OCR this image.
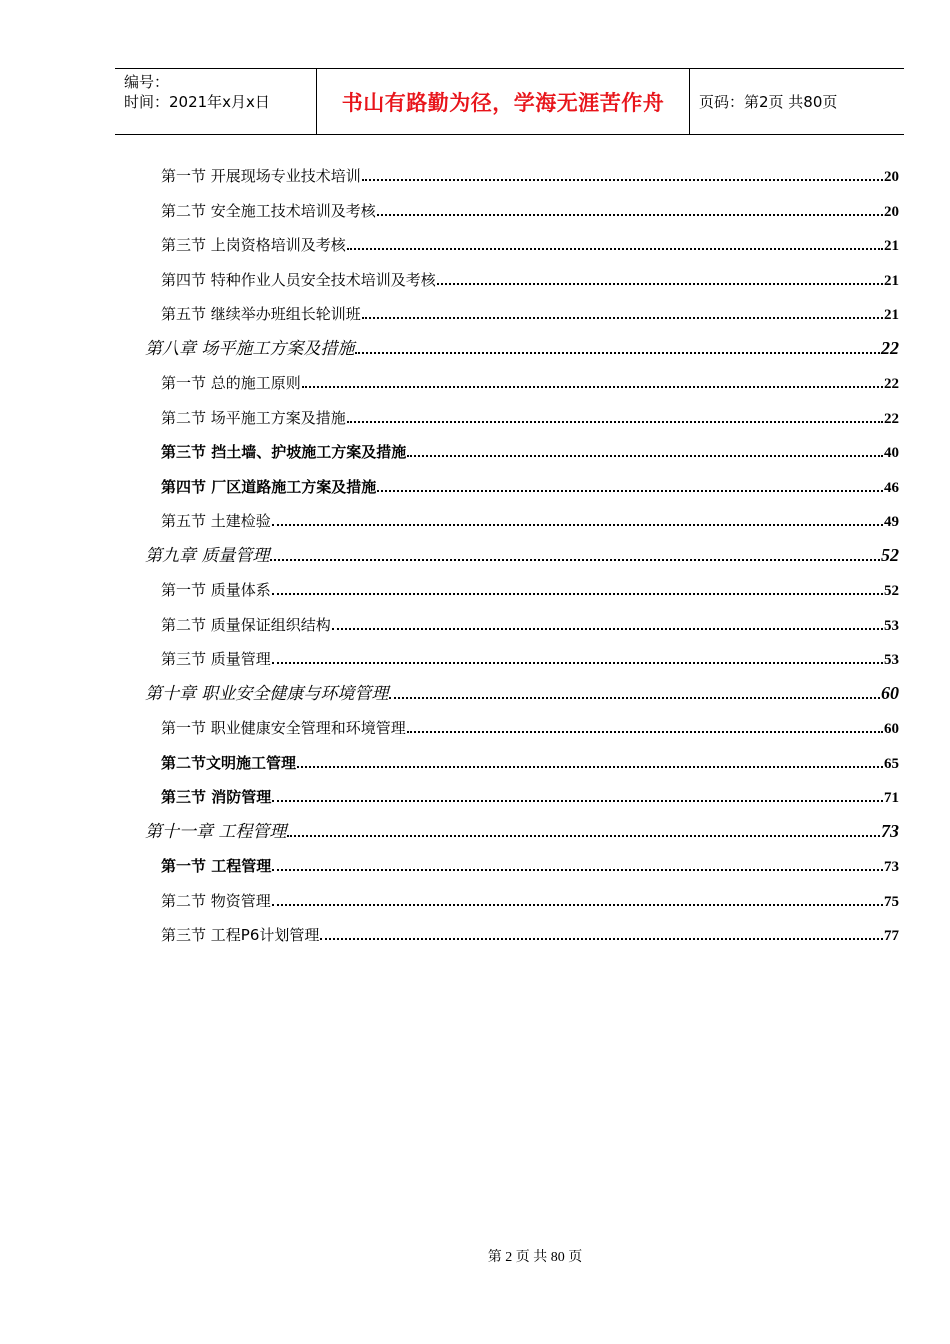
编号：
时间：2021年x月x日	书山有路勤为径，学海无涯苦作舟	页码：第2页 共80页
第一节 开展现场专业技术培训	20
第二节 安全施工技术培训及考核	20
第三节 上岗资格培训及考核	21
第四节 特种作业人员安全技术培训及考核	21
第五节 继续举办班组长轮训班	21
第八章 场平施工方案及措施	22
第一节 总的施工原则	22
第二节 场平施工方案及措施	22
第三节 挡土墙、护坡施工方案及措施	40
第四节 厂区道路施工方案及措施	46
第五节 土建检验	49
第九章 质量管理	52
第一节 质量体系	52
第二节 质量保证组织结构	53
第三节 质量管理	53
第十章 职业安全健康与环境管理	60
第一节 职业健康安全管理和环境管理	60
第二节文明施工管理	65
第三节 消防管理	71
第十一章 工程管理	73
第一节 工程管理	73
第二节 物资管理	75
第三节 工程P6计划管理	77
第 2 页 共 80 页
